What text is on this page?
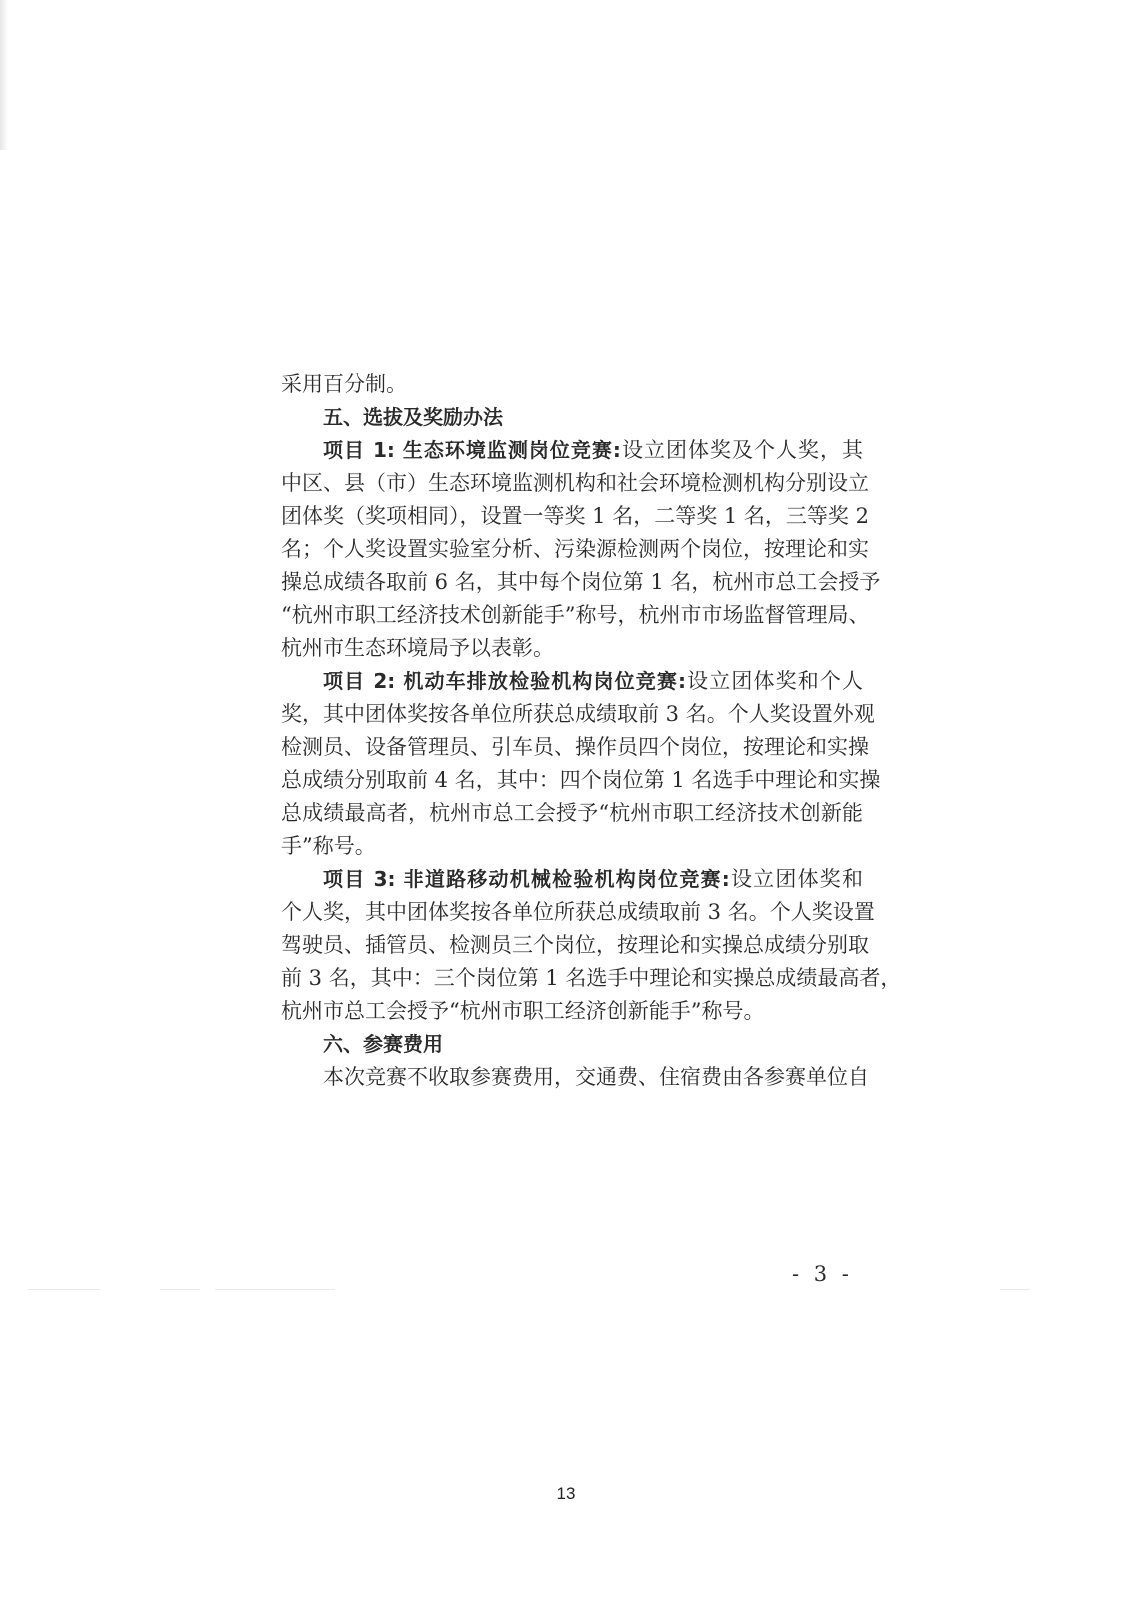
采用百分制。
五、选拔及奖励办法
项目 1: 生态环境监测岗位竞赛:设立团体奖及个人奖，其
中区、县（市）生态环境监测机构和社会环境检测机构分别设立
团体奖（奖项相同），设置一等奖 1 名，二等奖 1 名，三等奖 2
名；个人奖设置实验室分析、污染源检测两个岗位，按理论和实
操总成绩各取前 6 名，其中每个岗位第 1 名，杭州市总工会授予
“杭州市职工经济技术创新能手”称号，杭州市市场监督管理局、
杭州市生态环境局予以表彰。
项目 2: 机动车排放检验机构岗位竞赛:设立团体奖和个人
奖，其中团体奖按各单位所获总成绩取前 3 名。个人奖设置外观
检测员、设备管理员、引车员、操作员四个岗位，按理论和实操
总成绩分别取前 4 名，其中：四个岗位第 1 名选手中理论和实操
总成绩最高者，杭州市总工会授予“杭州市职工经济技术创新能
手”称号。
项目 3: 非道路移动机械检验机构岗位竞赛:设立团体奖和
个人奖，其中团体奖按各单位所获总成绩取前 3 名。个人奖设置
驾驶员、插管员、检测员三个岗位，按理论和实操总成绩分别取
前 3 名，其中：三个岗位第 1 名选手中理论和实操总成绩最高者，
杭州市总工会授予“杭州市职工经济创新能手”称号。
六、参赛费用
本次竞赛不收取参赛费用，交通费、住宿费由各参赛单位自
- 3 -
13
